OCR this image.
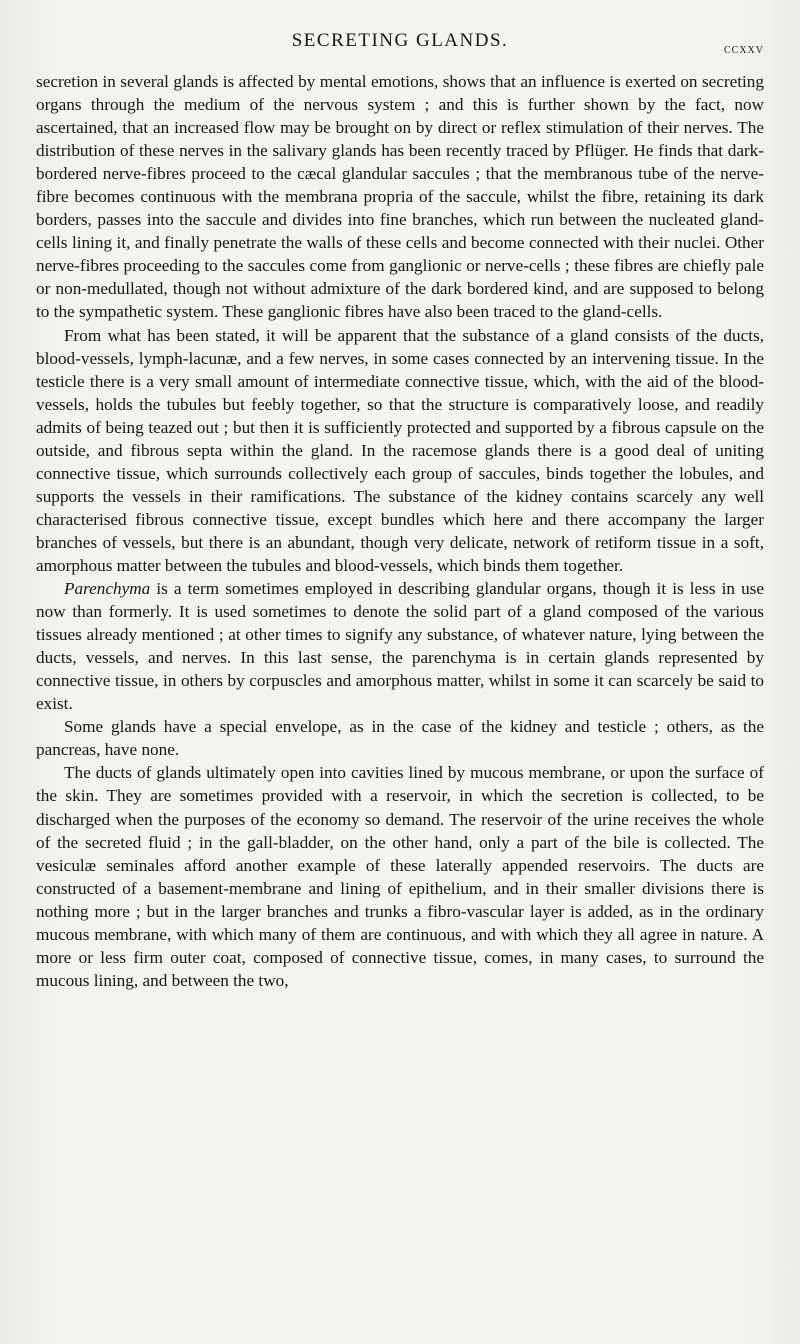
SECRETING GLANDS.	ccxxv

secretion in several glands is affected by mental emotions, shows that an influence is exerted on secreting organs through the medium of the nervous system ; and this is further shown by the fact, now ascertained, that an increased flow may be brought on by direct or reflex stimulation of their nerves. The distribution of these nerves in the salivary glands has been recently traced by Pflüger. He finds that dark-bordered nerve-fibres proceed to the cæcal glandular saccules ; that the membranous tube of the nerve-fibre becomes continuous with the membrana propria of the saccule, whilst the fibre, retaining its dark borders, passes into the saccule and divides into fine branches, which run between the nucleated gland-cells lining it, and finally penetrate the walls of these cells and become connected with their nuclei. Other nerve-fibres proceeding to the saccules come from ganglionic or nerve-cells ; these fibres are chiefly pale or non-medullated, though not without admixture of the dark bordered kind, and are supposed to belong to the sympathetic system. These ganglionic fibres have also been traced to the gland-cells.

From what has been stated, it will be apparent that the substance of a gland consists of the ducts, blood-vessels, lymph-lacunæ, and a few nerves, in some cases connected by an intervening tissue. In the testicle there is a very small amount of intermediate connective tissue, which, with the aid of the blood-vessels, holds the tubules but feebly together, so that the structure is comparatively loose, and readily admits of being teazed out ; but then it is sufficiently protected and supported by a fibrous capsule on the outside, and fibrous septa within the gland. In the racemose glands there is a good deal of uniting connective tissue, which surrounds collectively each group of saccules, binds together the lobules, and supports the vessels in their ramifications. The substance of the kidney contains scarcely any well characterised fibrous connective tissue, except bundles which here and there accompany the larger branches of vessels, but there is an abundant, though very delicate, network of retiform tissue in a soft, amorphous matter between the tubules and blood-vessels, which binds them together.

Parenchyma is a term sometimes employed in describing glandular organs, though it is less in use now than formerly. It is used sometimes to denote the solid part of a gland composed of the various tissues already mentioned ; at other times to signify any substance, of whatever nature, lying between the ducts, vessels, and nerves. In this last sense, the parenchyma is in certain glands represented by connective tissue, in others by corpuscles and amorphous matter, whilst in some it can scarcely be said to exist.

Some glands have a special envelope, as in the case of the kidney and testicle ; others, as the pancreas, have none.

The ducts of glands ultimately open into cavities lined by mucous membrane, or upon the surface of the skin. They are sometimes provided with a reservoir, in which the secretion is collected, to be discharged when the purposes of the economy so demand. The reservoir of the urine receives the whole of the secreted fluid ; in the gall-bladder, on the other hand, only a part of the bile is collected. The vesiculæ seminales afford another example of these laterally appended reservoirs. The ducts are constructed of a basement-membrane and lining of epithelium, and in their smaller divisions there is nothing more ; but in the larger branches and trunks a fibro-vascular layer is added, as in the ordinary mucous membrane, with which many of them are continuous, and with which they all agree in nature. A more or less firm outer coat, composed of connective tissue, comes, in many cases, to surround the mucous lining, and between the two,
